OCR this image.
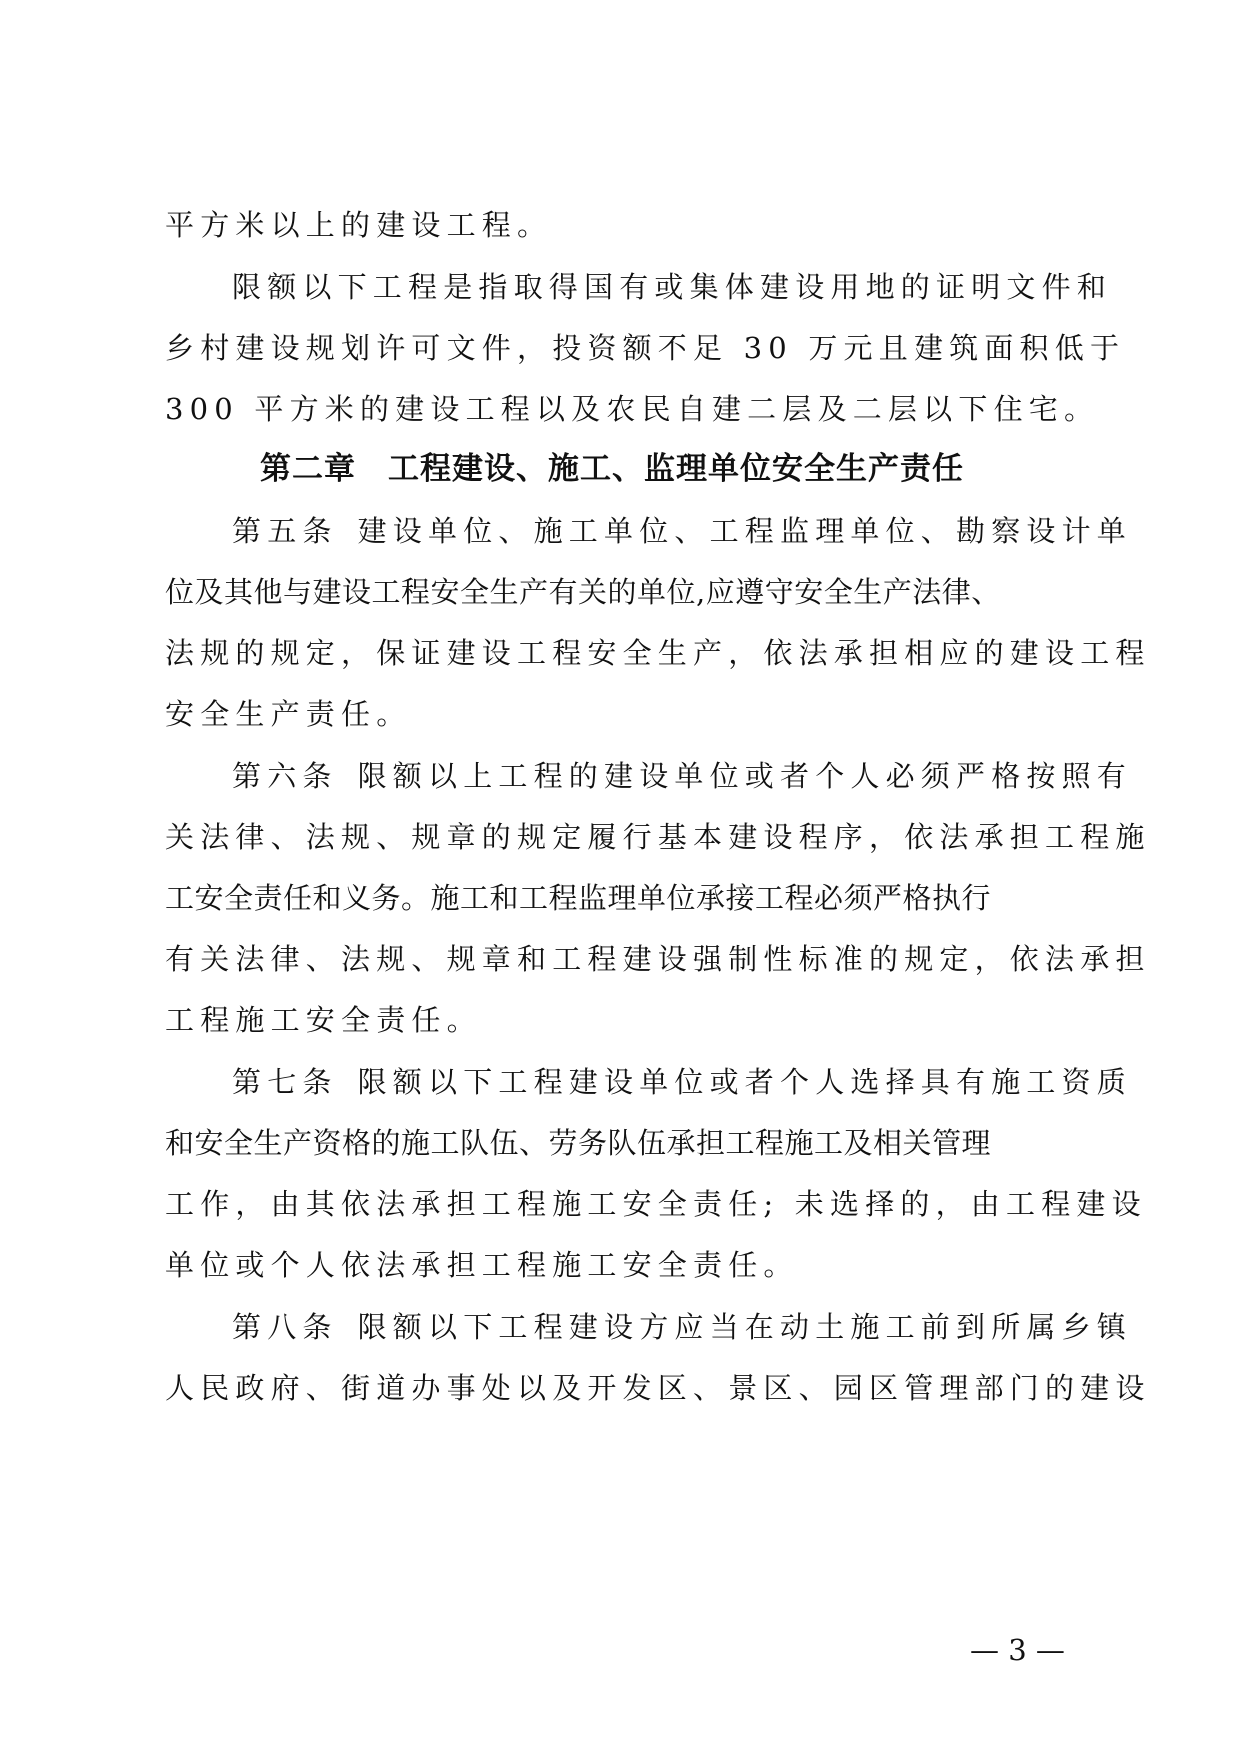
平方米以上的建设工程。
限额以下工程是指取得国有或集体建设用地的证明文件和
乡村建设规划许可文件，投资额不足 30 万元且建筑面积低于
300 平方米的建设工程以及农民自建二层及二层以下住宅。
第二章　工程建设、施工、监理单位安全生产责任
第五条 建设单位、施工单位、工程监理单位、勘察设计单
位及其他与建设工程安全生产有关的单位,应遵守安全生产法律、
法规的规定，保证建设工程安全生产，依法承担相应的建设工程
安全生产责任。
第六条 限额以上工程的建设单位或者个人必须严格按照有
关法律、法规、规章的规定履行基本建设程序，依法承担工程施
工安全责任和义务。施工和工程监理单位承接工程必须严格执行
有关法律、法规、规章和工程建设强制性标准的规定，依法承担
工程施工安全责任。
第七条 限额以下工程建设单位或者个人选择具有施工资质
和安全生产资格的施工队伍、劳务队伍承担工程施工及相关管理
工作，由其依法承担工程施工安全责任; 未选择的，由工程建设
单位或个人依法承担工程施工安全责任。
第八条 限额以下工程建设方应当在动土施工前到所属乡镇
人民政府、街道办事处以及开发区、景区、园区管理部门的建设
— 3 —
